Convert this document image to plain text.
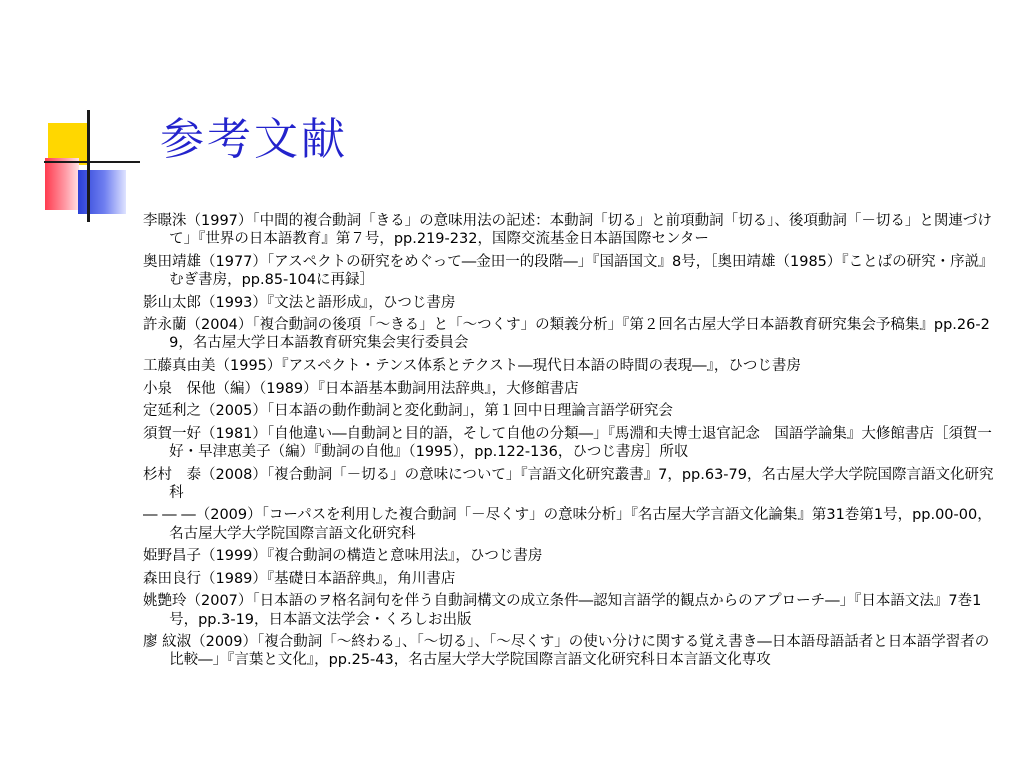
参考文献
李暻洙（1997）「中間的複合動詞「きる」の意味用法の記述：本動詞「切る」と前項動詞「切る」、後項動詞「－切る」と関連づけて」『世界の日本語教育』第７号，pp.219-232，国際交流基金日本語国際センター
奥田靖雄（1977）「アスペクトの研究をめぐって―金田一的段階―」『国語国文』8号，［奥田靖雄（1985）『ことばの研究・序説』むぎ書房，pp.85-104に再録］
影山太郎（1993）『文法と語形成』，ひつじ書房
許永蘭（2004）「複合動詞の後項「～きる」と「～つくす」の類義分析」『第２回名古屋大学日本語教育研究集会予稿集』pp.26-29，名古屋大学日本語教育研究集会実行委員会
工藤真由美（1995）『アスペクト・テンス体系とテクスト―現代日本語の時間の表現―』，ひつじ書房
小泉　保他（編）（1989）『日本語基本動詞用法辞典』，大修館書店
定延利之（2005）「日本語の動作動詞と変化動詞」，第１回中日理論言語学研究会
須賀一好（1981）「自他違い―自動詞と目的語，そして自他の分類―」『馬淵和夫博士退官記念　国語学論集』大修館書店［須賀一好・早津恵美子（編）『動詞の自他』（1995），pp.122-136，ひつじ書房］所収
杉村　泰（2008）「複合動詞「－切る」の意味について」『言語文化研究叢書』7，pp.63-79，名古屋大学大学院国際言語文化研究科
― ― ―（2009）「コーパスを利用した複合動詞「－尽くす」の意味分析」『名古屋大学言語文化論集』第31巻第1号，pp.00-00，名古屋大学大学院国際言語文化研究科
姫野昌子（1999）『複合動詞の構造と意味用法』，ひつじ書房
森田良行（1989）『基礎日本語辞典』，角川書店
姚艶玲（2007）「日本語のヲ格名詞句を伴う自動詞構文の成立条件―認知言語学的観点からのアプローチ―」『日本語文法』7巻1号，pp.3-19，日本語文法学会・くろしお出版
廖 紋淑（2009）「複合動詞「～終わる」、「～切る」、「～尽くす」の使い分けに関する覚え書き―日本語母語話者と日本語学習者の比較―」『言葉と文化』，pp.25-43，名古屋大学大学院国際言語文化研究科日本言語文化専攻
